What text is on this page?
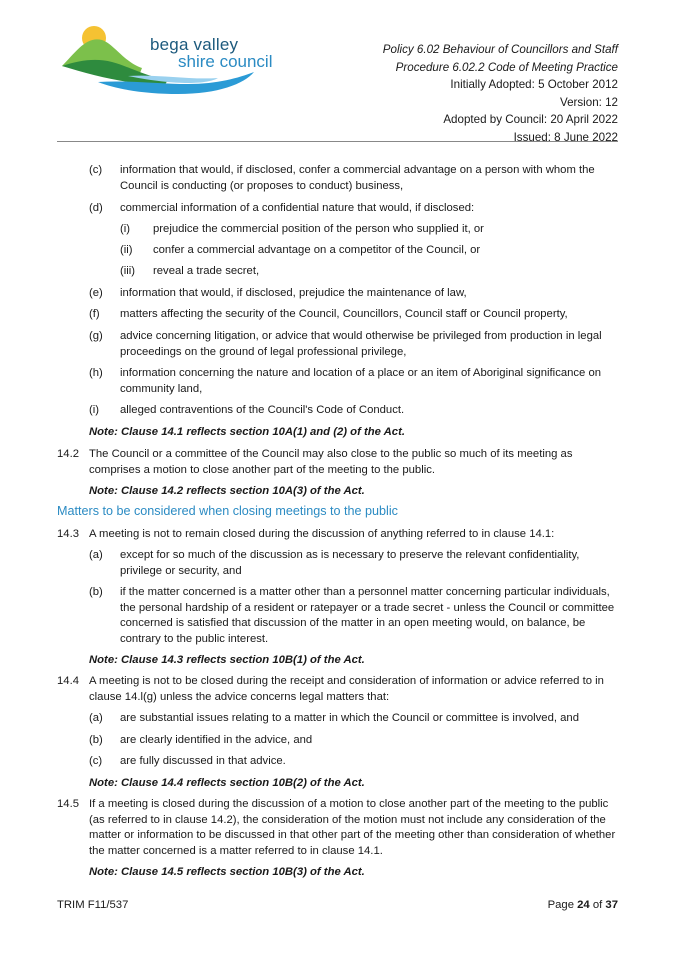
bega valley
shire council
Policy 6.02 Behaviour of Councillors and Staff
Procedure 6.02.2 Code of Meeting Practice
Initially Adopted: 5 October 2012
Version: 12
Adopted by Council: 20 April 2022
Issued: 8 June 2022
(c) information that would, if disclosed, confer a commercial advantage on a person with whom the Council is conducting (or proposes to conduct) business,
(d) commercial information of a confidential nature that would, if disclosed:
(i) prejudice the commercial position of the person who supplied it, or
(ii) confer a commercial advantage on a competitor of the Council, or
(iii) reveal a trade secret,
(e) information that would, if disclosed, prejudice the maintenance of law,
(f) matters affecting the security of the Council, Councillors, Council staff or Council property,
(g) advice concerning litigation, or advice that would otherwise be privileged from production in legal proceedings on the ground of legal professional privilege,
(h) information concerning the nature and location of a place or an item of Aboriginal significance on community land,
(i) alleged contraventions of the Council's Code of Conduct.
Note: Clause 14.1 reflects section 10A(1) and (2) of the Act.
14.2 The Council or a committee of the Council may also close to the public so much of its meeting as comprises a motion to close another part of the meeting to the public.
Note: Clause 14.2 reflects section 10A(3) of the Act.
Matters to be considered when closing meetings to the public
14.3 A meeting is not to remain closed during the discussion of anything referred to in clause 14.1:
(a) except for so much of the discussion as is necessary to preserve the relevant confidentiality, privilege or security, and
(b) if the matter concerned is a matter other than a personnel matter concerning particular individuals, the personal hardship of a resident or ratepayer or a trade secret - unless the Council or committee concerned is satisfied that discussion of the matter in an open meeting would, on balance, be contrary to the public interest.
Note: Clause 14.3 reflects section 10B(1) of the Act.
14.4 A meeting is not to be closed during the receipt and consideration of information or advice referred to in clause 14.l(g) unless the advice concerns legal matters that:
(a) are substantial issues relating to a matter in which the Council or committee is involved, and
(b) are clearly identified in the advice, and
(c) are fully discussed in that advice.
Note: Clause 14.4 reflects section 10B(2) of the Act.
14.5 If a meeting is closed during the discussion of a motion to close another part of the meeting to the public (as referred to in clause 14.2), the consideration of the motion must not include any consideration of the matter or information to be discussed in that other part of the meeting other than consideration of whether the matter concerned is a matter referred to in clause 14.1.
Note: Clause 14.5 reflects section 10B(3) of the Act.
TRIM F11/537	Page 24 of 37
